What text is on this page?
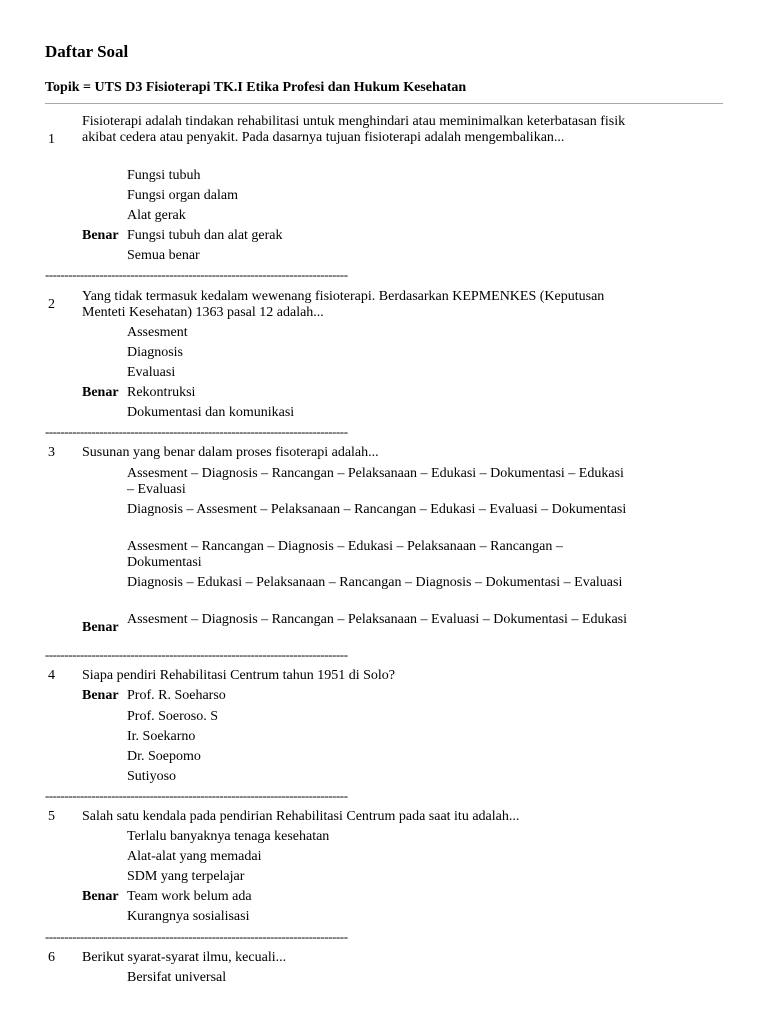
Daftar Soal
Topik = UTS D3 Fisioterapi TK.I Etika Profesi dan Hukum Kesehatan
1
Fisioterapi adalah tindakan rehabilitasi untuk menghindari atau meminimalkan keterbatasan fisik akibat cedera atau penyakit. Pada dasarnya tujuan fisioterapi adalah mengembalikan...
Fungsi tubuh
Fungsi organ dalam
Alat gerak
Benar Fungsi tubuh dan alat gerak
Semua benar
------------------------------------------------------------------------------
2
Yang tidak termasuk kedalam wewenang fisioterapi. Berdasarkan KEPMENKES (Keputusan Menteti Kesehatan) 1363 pasal 12 adalah...
Assesment
Diagnosis
Evaluasi
Benar Rekontruksi
Dokumentasi dan komunikasi
------------------------------------------------------------------------------
3 Susunan yang benar dalam proses fisoterapi adalah...
Assesment – Diagnosis – Rancangan – Pelaksanaan – Edukasi – Dokumentasi – Edukasi – Evaluasi
Diagnosis – Assesment – Pelaksanaan – Rancangan – Edukasi – Evaluasi – Dokumentasi
Assesment – Rancangan – Diagnosis – Edukasi – Pelaksanaan – Rancangan – Dokumentasi
Diagnosis – Edukasi – Pelaksanaan – Rancangan – Diagnosis – Dokumentasi – Evaluasi
Benar
Assesment – Diagnosis – Rancangan – Pelaksanaan – Evaluasi – Dokumentasi – Edukasi
------------------------------------------------------------------------------
4 Siapa pendiri Rehabilitasi Centrum tahun 1951 di Solo?
Benar Prof. R. Soeharso
Prof. Soeroso. S
Ir. Soekarno
Dr. Soepomo
Sutiyoso
------------------------------------------------------------------------------
5 Salah satu kendala pada pendirian Rehabilitasi Centrum pada saat itu adalah...
Terlalu banyaknya tenaga kesehatan
Alat-alat yang memadai
SDM yang terpelajar
Benar Team work belum ada
Kurangnya sosialisasi
------------------------------------------------------------------------------
6 Berikut syarat-syarat ilmu, kecuali...
Bersifat universal
